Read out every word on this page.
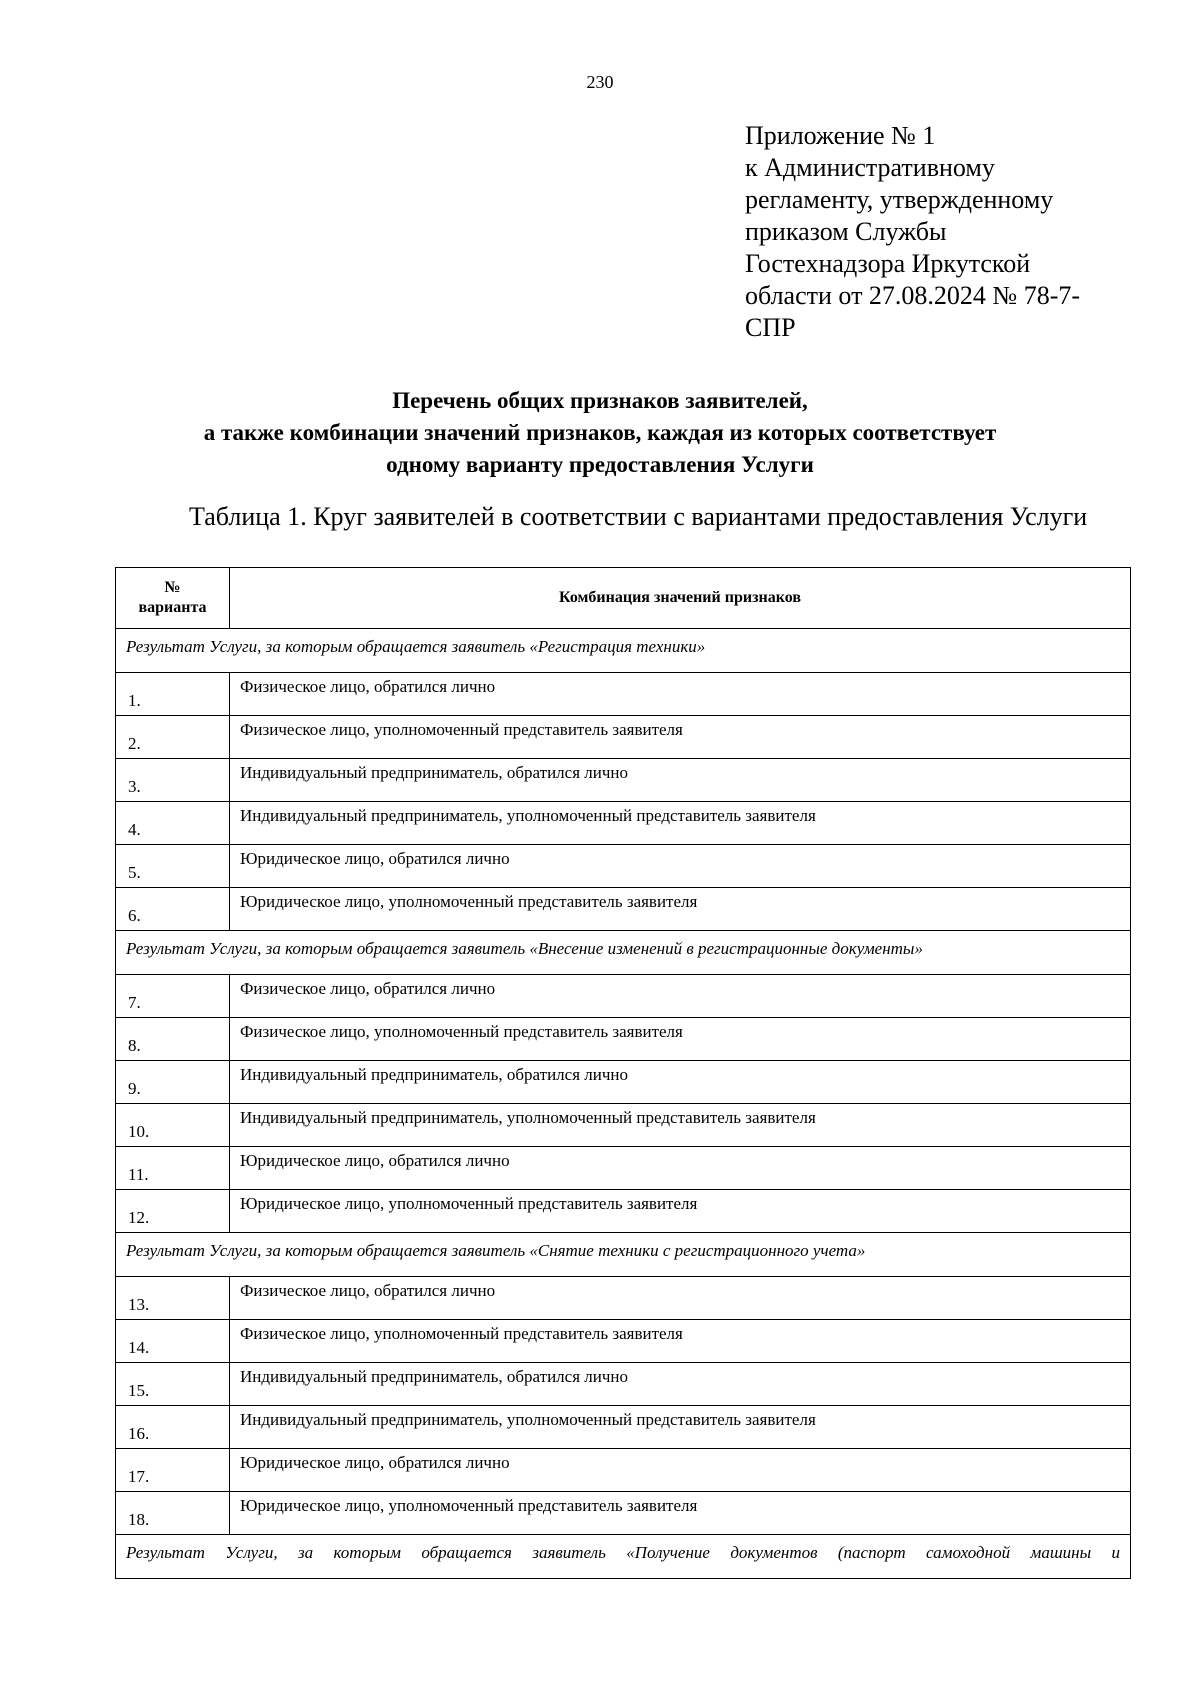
230
Приложение № 1
к Административному
регламенту, утвержденному
приказом Службы
Гостехнадзора Иркутской
области от 27.08.2024 № 78-7-
СПР
Перечень общих признаков заявителей,
а также комбинации значений признаков, каждая из которых соответствует
одному варианту предоставления Услуги
Таблица 1. Круг заявителей в соответствии с вариантами предоставления Услуги
№
варианта	Комбинация значений признаков
Результат Услуги, за которым обращается заявитель «Регистрация техники»	
1.	Физическое лицо, обратился лично
2.	Физическое лицо, уполномоченный представитель заявителя
3.	Индивидуальный предприниматель, обратился лично
4.	Индивидуальный предприниматель, уполномоченный представитель заявителя
5.	Юридическое лицо, обратился лично
6.	Юридическое лицо, уполномоченный представитель заявителя
Результат Услуги, за которым обращается заявитель «Внесение изменений в регистрационные документы»	
7.	Физическое лицо, обратился лично
8.	Физическое лицо, уполномоченный представитель заявителя
9.	Индивидуальный предприниматель, обратился лично
10.	Индивидуальный предприниматель, уполномоченный представитель заявителя
11.	Юридическое лицо, обратился лично
12.	Юридическое лицо, уполномоченный представитель заявителя
Результат Услуги, за которым обращается заявитель «Снятие техники с регистрационного учета»	
13.	Физическое лицо, обратился лично
14.	Физическое лицо, уполномоченный представитель заявителя
15.	Индивидуальный предприниматель, обратился лично
16.	Индивидуальный предприниматель, уполномоченный представитель заявителя
17.	Юридическое лицо, обратился лично
18.	Юридическое лицо, уполномоченный представитель заявителя
Результат Услуги, за которым обращается заявитель «Получение документов (паспорт самоходной машины и	
